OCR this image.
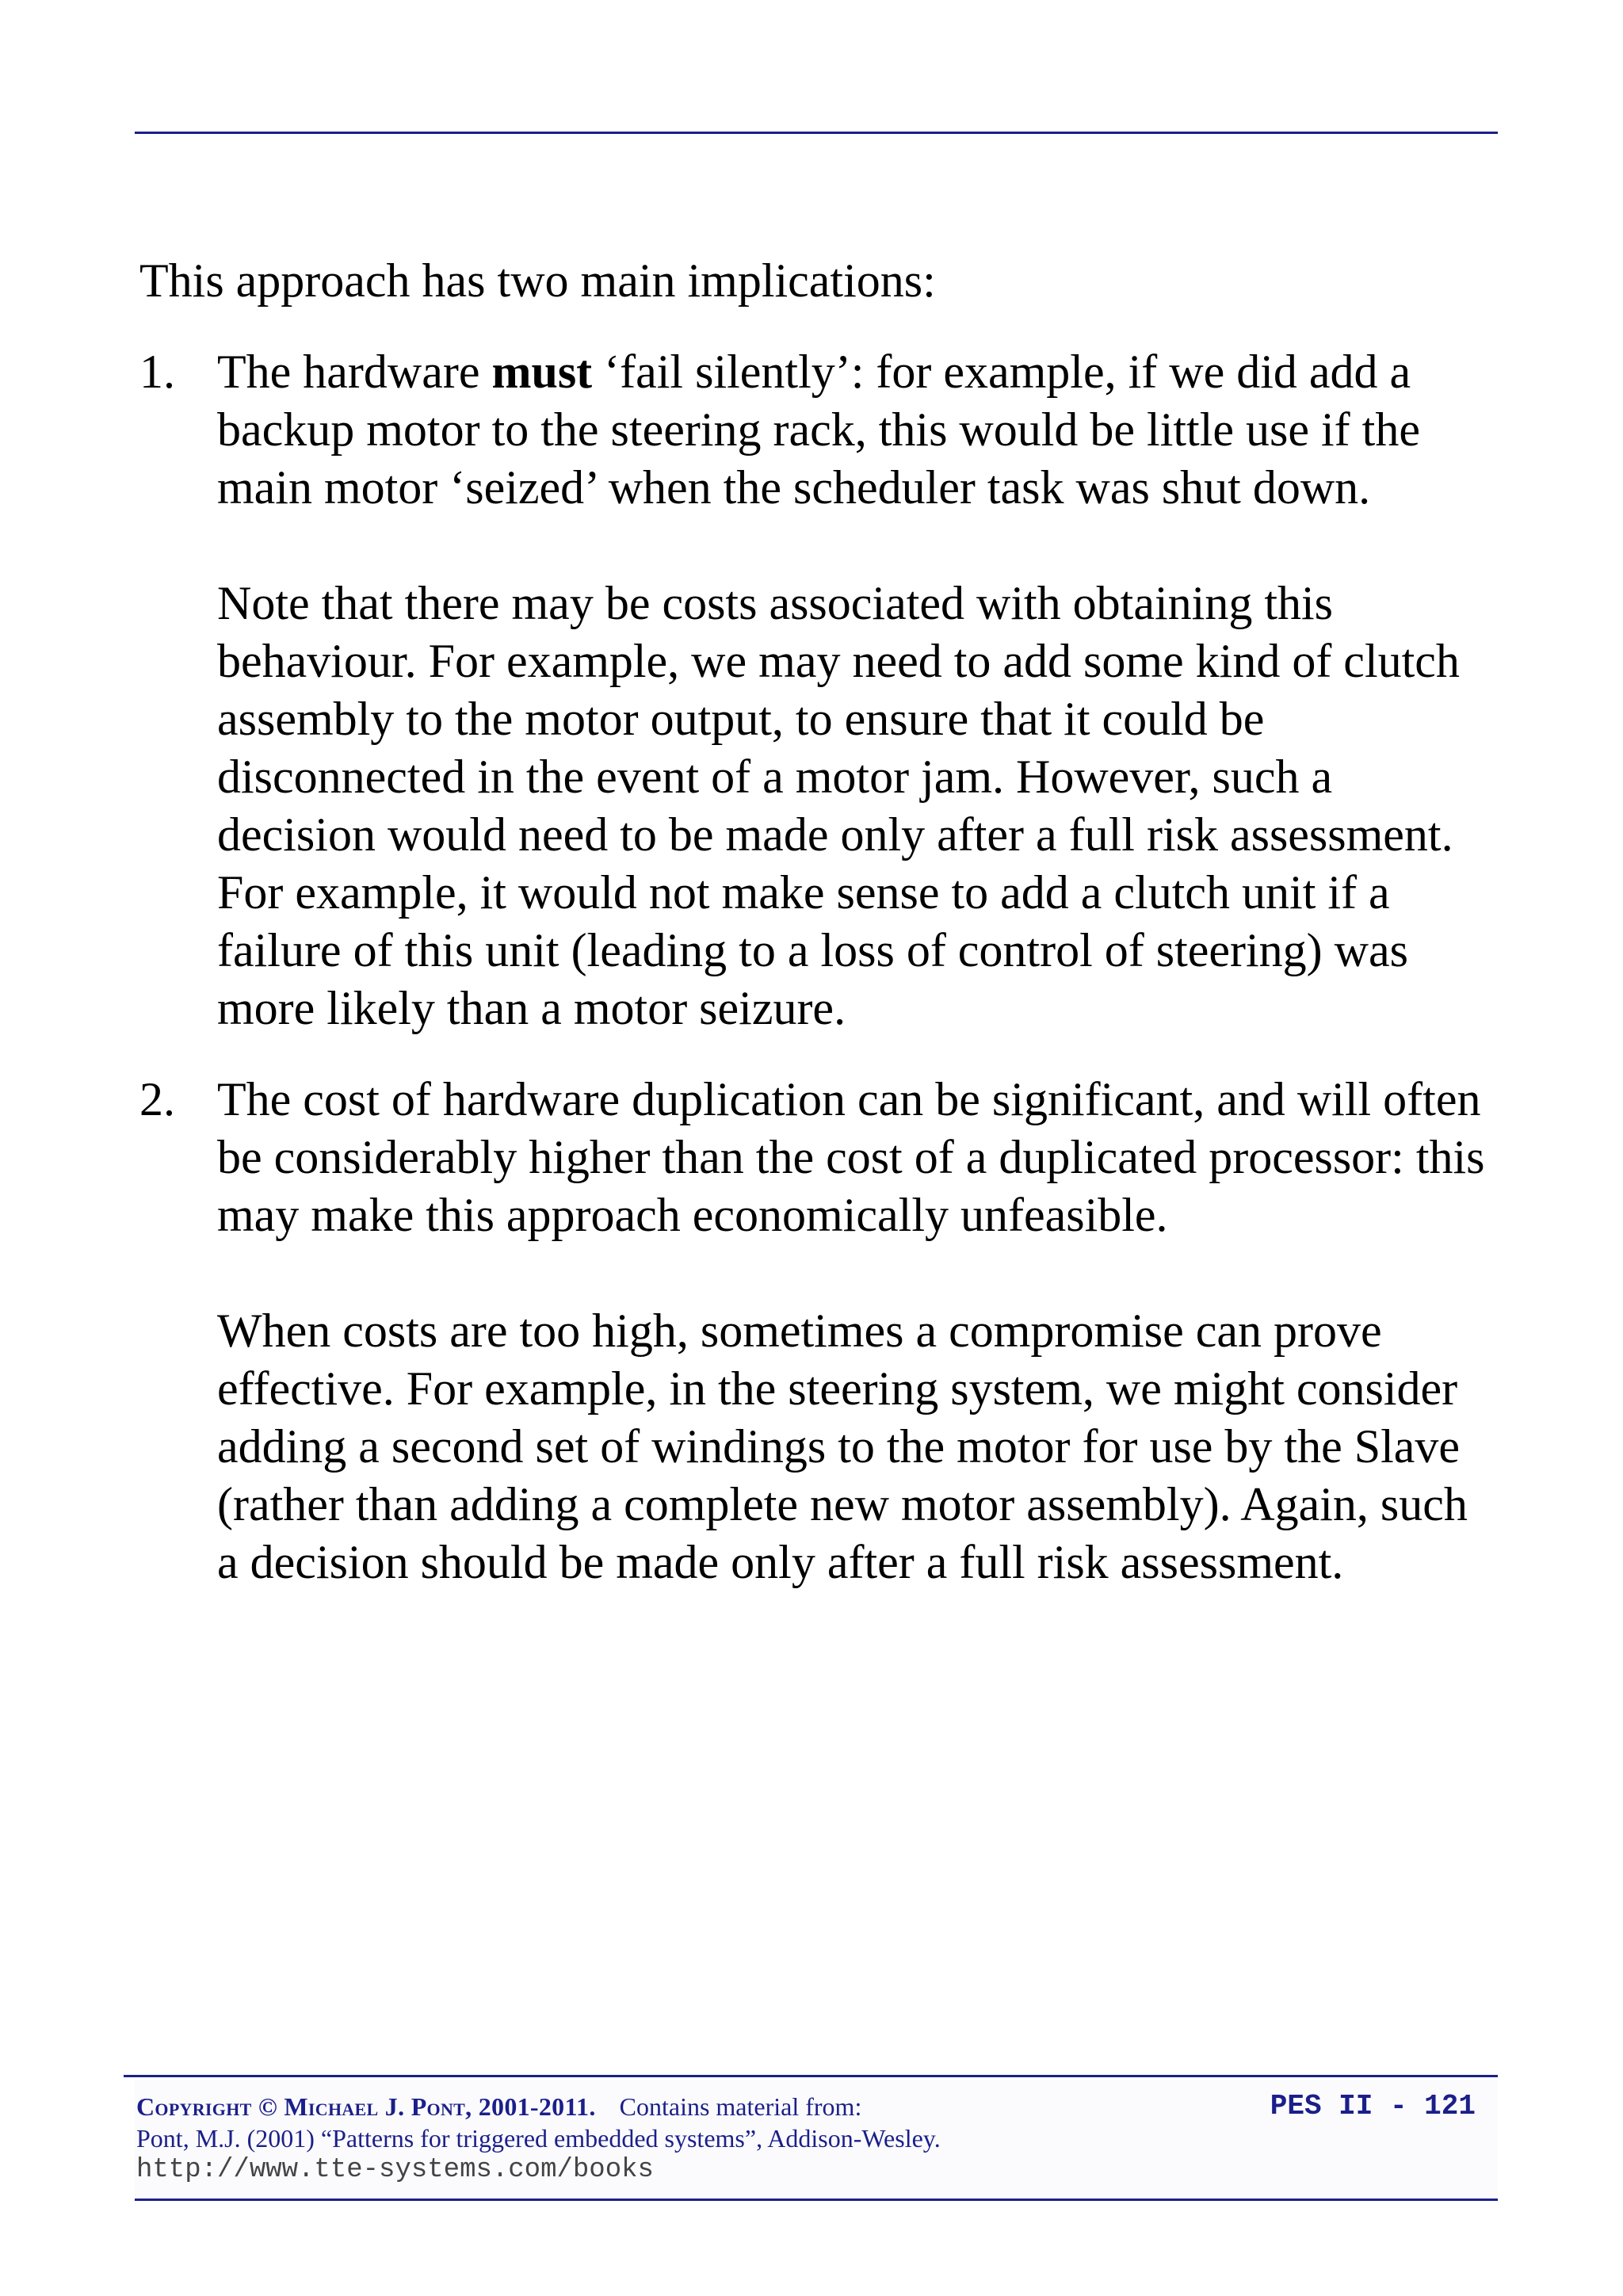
This approach has two main implications:

1. The hardware must ‘fail silently’: for example, if we did add a backup motor to the steering rack, this would be little use if the main motor ‘seized’ when the scheduler task was shut down.

Note that there may be costs associated with obtaining this behaviour. For example, we may need to add some kind of clutch assembly to the motor output, to ensure that it could be disconnected in the event of a motor jam. However, such a decision would need to be made only after a full risk assessment. For example, it would not make sense to add a clutch unit if a failure of this unit (leading to a loss of control of steering) was more likely than a motor seizure.

2. The cost of hardware duplication can be significant, and will often be considerably higher than the cost of a duplicated processor: this may make this approach economically unfeasible.

When costs are too high, sometimes a compromise can prove effective. For example, in the steering system, we might consider adding a second set of windings to the motor for use by the Slave (rather than adding a complete new motor assembly). Again, such a decision should be made only after a full risk assessment.

Copyright © Michael J. Pont, 2001-2011. Contains material from:	PES II - 121
Pont, M.J. (2001) “Patterns for triggered embedded systems”, Addison-Wesley.
http://www.tte-systems.com/books
